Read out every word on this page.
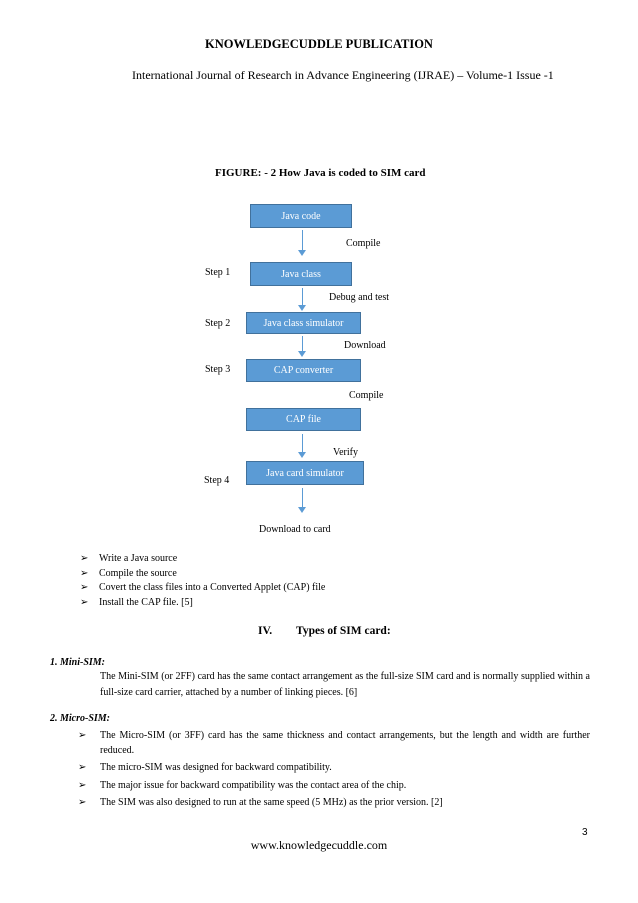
KNOWLEDGECUDDLE PUBLICATION
International Journal of Research in Advance Engineering (IJRAE) – Volume-1 Issue -1
FIGURE: - 2 How Java is coded to SIM card
Java code
Compile
Step 1	Java class
Debug and test
Step 2	Java class simulator
Download
Step 3	CAP converter
Compile
CAP file
Verify
Java card simulator
Step 4
Download to card
➢ Write a Java source
➢ Compile the source
➢ Covert the class files into a Converted Applet (CAP) file
➢ Install the CAP file. [5]
IV. Types of SIM card:
1. Mini-SIM:
The Mini-SIM (or 2FF) card has the same contact arrangement as the full-size SIM card and is normally supplied within a full-size card carrier, attached by a number of linking pieces. [6]
2. Micro-SIM:
➢ The Micro-SIM (or 3FF) card has the same thickness and contact arrangements, but the length and width are further reduced.
➢ The micro-SIM was designed for backward compatibility.
➢ The major issue for backward compatibility was the contact area of the chip.
➢ The SIM was also designed to run at the same speed (5 MHz) as the prior version. [2]
3
www.knowledgecuddle.com
